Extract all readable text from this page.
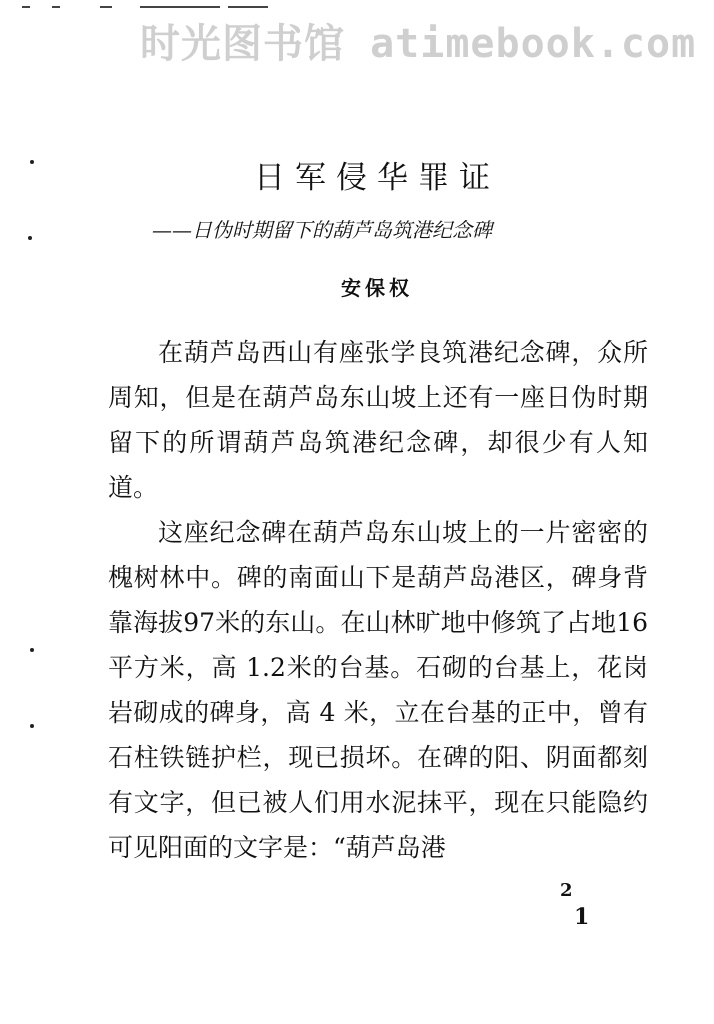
时光图书馆 atimebook.com
日军侵华罪证
——日伪时期留下的葫芦岛筑港纪念碑
安保权

在葫芦岛西山有座张学良筑港纪念碑，众所周知，但是在葫芦岛东山坡上还有一座日伪时期留下的所谓葫芦岛筑港纪念碑，却很少有人知道。

这座纪念碑在葫芦岛东山坡上的一片密密的槐树林中。碑的南面山下是葫芦岛港区，碑身背靠海拔97米的东山。在山林旷地中修筑了占地16平方米，高 1.2米的台基。石砌的台基上，花岗岩砌成的碑身，高 4 米，立在台基的正中，曾有石柱铁链护栏，现已损坏。在碑的阳、阴面都刻有文字，但已被人们用水泥抹平，现在只能隐约可见阳面的文字是：“葫芦岛港

2
1
